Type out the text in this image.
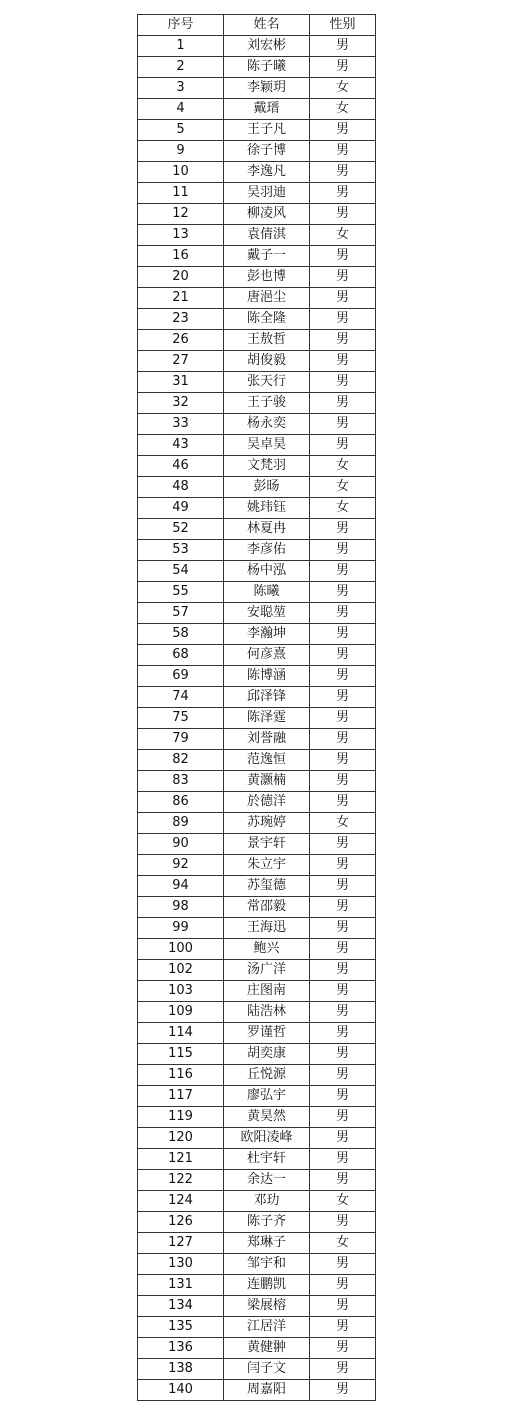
序号	姓名	性别
1	刘宏彬	男
2	陈子曦	男
3	李颖玥	女
4	戴瑨	女
5	王子凡	男
9	徐子博	男
10	李逸凡	男
11	吴羽迪	男
12	柳凌风	男
13	袁倩淇	女
16	戴子一	男
20	彭也博	男
21	唐浥尘	男
23	陈全隆	男
26	王敖哲	男
27	胡俊毅	男
31	张天行	男
32	王子骏	男
33	杨永奕	男
43	吴卓昊	男
46	文梵羽	女
48	彭旸	女
49	姚玮钰	女
52	林夏冉	男
53	李彦佑	男
54	杨中泓	男
55	陈曦	男
57	安聪堃	男
58	李瀚坤	男
68	何彦熹	男
69	陈博涵	男
74	邱泽锋	男
75	陈泽霆	男
79	刘誉融	男
82	范逸恒	男
83	黄灏楠	男
86	於德洋	男
89	苏琬婷	女
90	景宇轩	男
92	朱立宇	男
94	苏玺德	男
98	常邵毅	男
99	王海迅	男
100	鲍兴	男
102	汤广洋	男
103	庄图南	男
109	陆浩林	男
114	罗谨哲	男
115	胡奕康	男
116	丘悦源	男
117	廖弘宇	男
119	黄昊然	男
120	欧阳凌峰	男
121	杜宇轩	男
122	余达一	男
124	邓玏	女
126	陈子齐	男
127	郑琳子	女
130	邹宇和	男
131	连鹏凯	男
134	梁展榕	男
135	江居洋	男
136	黄健翀	男
138	闫子文	男
140	周嘉阳	男
